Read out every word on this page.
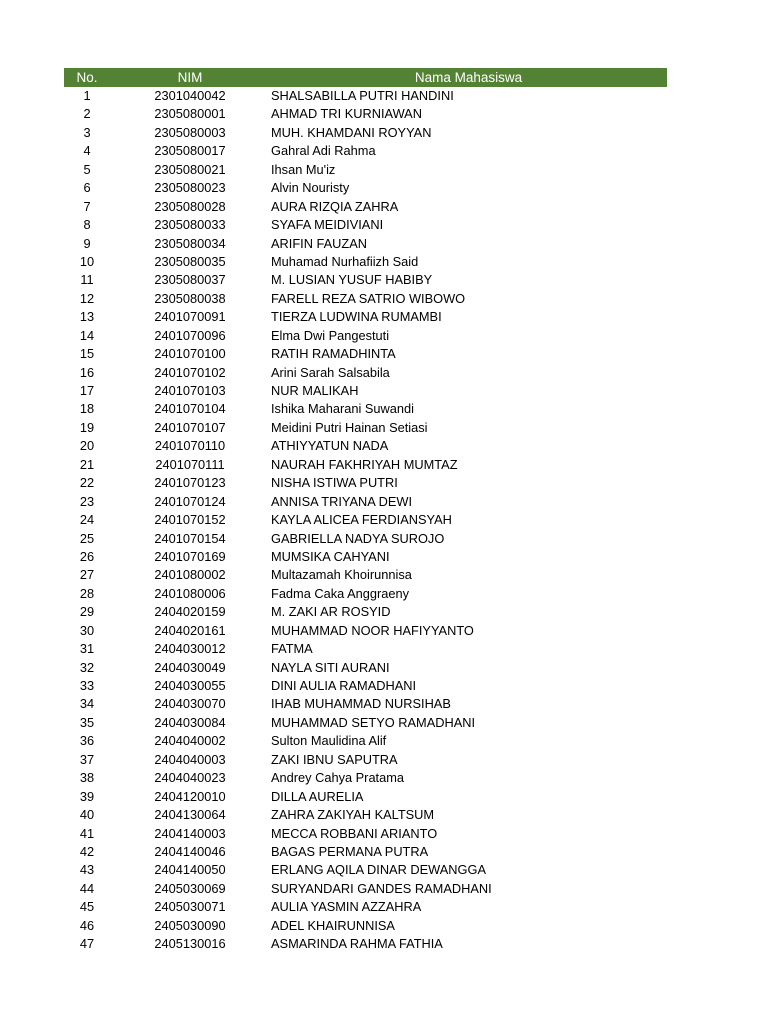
No.	NIM	Nama Mahasiswa
1	2301040042	SHALSABILLA PUTRI HANDINI
2	2305080001	AHMAD TRI KURNIAWAN
3	2305080003	MUH. KHAMDANI ROYYAN
4	2305080017	Gahral Adi Rahma
5	2305080021	Ihsan Mu'iz
6	2305080023	Alvin Nouristy
7	2305080028	AURA RIZQIA ZAHRA
8	2305080033	SYAFA MEIDIVIANI
9	2305080034	ARIFIN FAUZAN
10	2305080035	Muhamad Nurhafiizh Said
11	2305080037	M. LUSIAN YUSUF HABIBY
12	2305080038	FARELL REZA SATRIO WIBOWO
13	2401070091	TIERZA LUDWINA RUMAMBI
14	2401070096	Elma Dwi Pangestuti
15	2401070100	RATIH RAMADHINTA
16	2401070102	Arini Sarah Salsabila
17	2401070103	NUR MALIKAH
18	2401070104	Ishika Maharani Suwandi
19	2401070107	Meidini Putri Hainan Setiasi
20	2401070110	ATHIYYATUN NADA
21	2401070111	NAURAH FAKHRIYAH MUMTAZ
22	2401070123	NISHA ISTIWA PUTRI
23	2401070124	ANNISA TRIYANA DEWI
24	2401070152	KAYLA ALICEA FERDIANSYAH
25	2401070154	GABRIELLA NADYA SUROJO
26	2401070169	MUMSIKA CAHYANI
27	2401080002	Multazamah Khoirunnisa
28	2401080006	Fadma Caka Anggraeny
29	2404020159	M. ZAKI AR ROSYID
30	2404020161	MUHAMMAD NOOR HAFIYYANTO
31	2404030012	FATMA
32	2404030049	NAYLA SITI AURANI
33	2404030055	DINI AULIA RAMADHANI
34	2404030070	IHAB MUHAMMAD NURSIHAB
35	2404030084	MUHAMMAD SETYO RAMADHANI
36	2404040002	Sulton Maulidina Alif
37	2404040003	ZAKI IBNU SAPUTRA
38	2404040023	Andrey Cahya Pratama
39	2404120010	DILLA AURELIA
40	2404130064	ZAHRA ZAKIYAH KALTSUM
41	2404140003	MECCA ROBBANI ARIANTO
42	2404140046	BAGAS PERMANA PUTRA
43	2404140050	ERLANG AQILA DINAR DEWANGGA
44	2405030069	SURYANDARI GANDES RAMADHANI
45	2405030071	AULIA YASMIN AZZAHRA
46	2405030090	ADEL KHAIRUNNISA
47	2405130016	ASMARINDA RAHMA FATHIA
